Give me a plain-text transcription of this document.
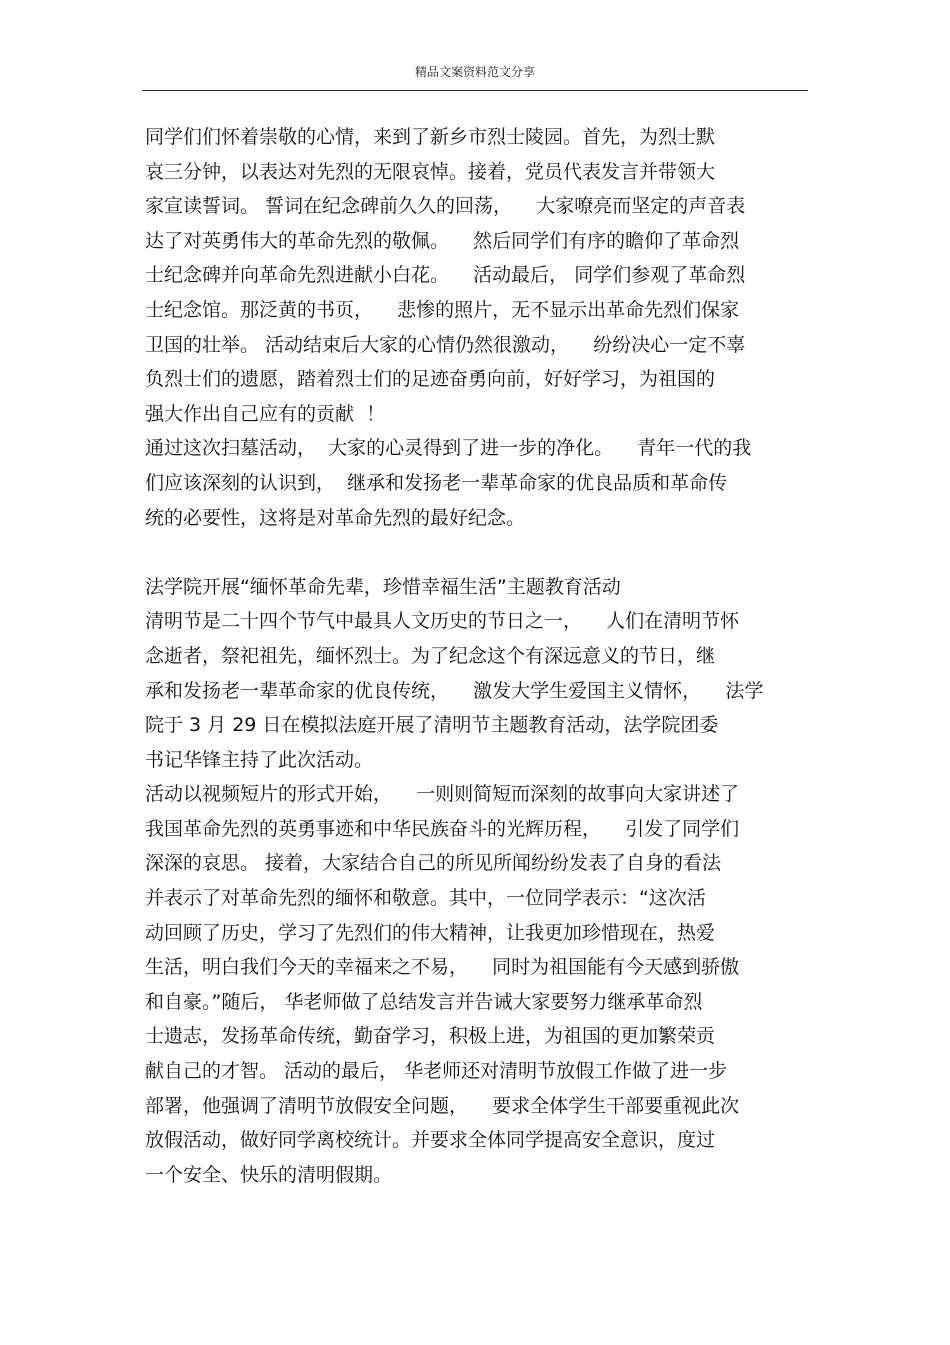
精品文案资料范文分享
同学们们怀着崇敬的心情，来到了新乡市烈士陵园。首先，为烈士默
哀三分钟，以表达对先烈的无限哀悼。接着，党员代表发言并带领大
家宣读誓词。 誓词在纪念碑前久久的回荡，    大家嘹亮而坚定的声音表
达了对英勇伟大的革命先烈的敬佩。    然后同学们有序的瞻仰了革命烈
士纪念碑并向革命先烈进献小白花。    活动最后， 同学们参观了革命烈
士纪念馆。那泛黄的书页，    悲惨的照片，无不显示出革命先烈们保家
卫国的壮举。 活动结束后大家的心情仍然很激动，    纷纷决心一定不辜
负烈士们的遗愿，踏着烈士们的足迹奋勇向前，好好学习，为祖国的
强大作出自己应有的贡献  ！
通过这次扫墓活动，  大家的心灵得到了进一步的净化。    青年一代的我
们应该深刻的认识到，  继承和发扬老一辈革命家的优良品质和革命传
统的必要性，这将是对革命先烈的最好纪念。
法学院开展“缅怀革命先辈，珍惜幸福生活”主题教育活动
清明节是二十四个节气中最具人文历史的节日之一，    人们在清明节怀
念逝者，祭祀祖先，缅怀烈士。为了纪念这个有深远意义的节日，继
承和发扬老一辈革命家的优良传统，    激发大学生爱国主义情怀，    法学
院于 3 月 29 日在模拟法庭开展了清明节主题教育活动，法学院团委
书记华锋主持了此次活动。
活动以视频短片的形式开始，    一则则简短而深刻的故事向大家讲述了
我国革命先烈的英勇事迹和中华民族奋斗的光辉历程，    引发了同学们
深深的哀思。 接着，大家结合自己的所见所闻纷纷发表了自身的看法
并表示了对革命先烈的缅怀和敬意。其中，一位同学表示：“这次活
动回顾了历史，学习了先烈们的伟大精神，让我更加珍惜现在，热爱
生活，明白我们今天的幸福来之不易，    同时为祖国能有今天感到骄傲
和自豪。”随后， 华老师做了总结发言并告诫大家要努力继承革命烈
士遗志，发扬革命传统，勤奋学习，积极上进，为祖国的更加繁荣贡
献自己的才智。 活动的最后， 华老师还对清明节放假工作做了进一步
部署，他强调了清明节放假安全问题，    要求全体学生干部要重视此次
放假活动，做好同学离校统计。并要求全体同学提高安全意识，度过
一个安全、快乐的清明假期。
